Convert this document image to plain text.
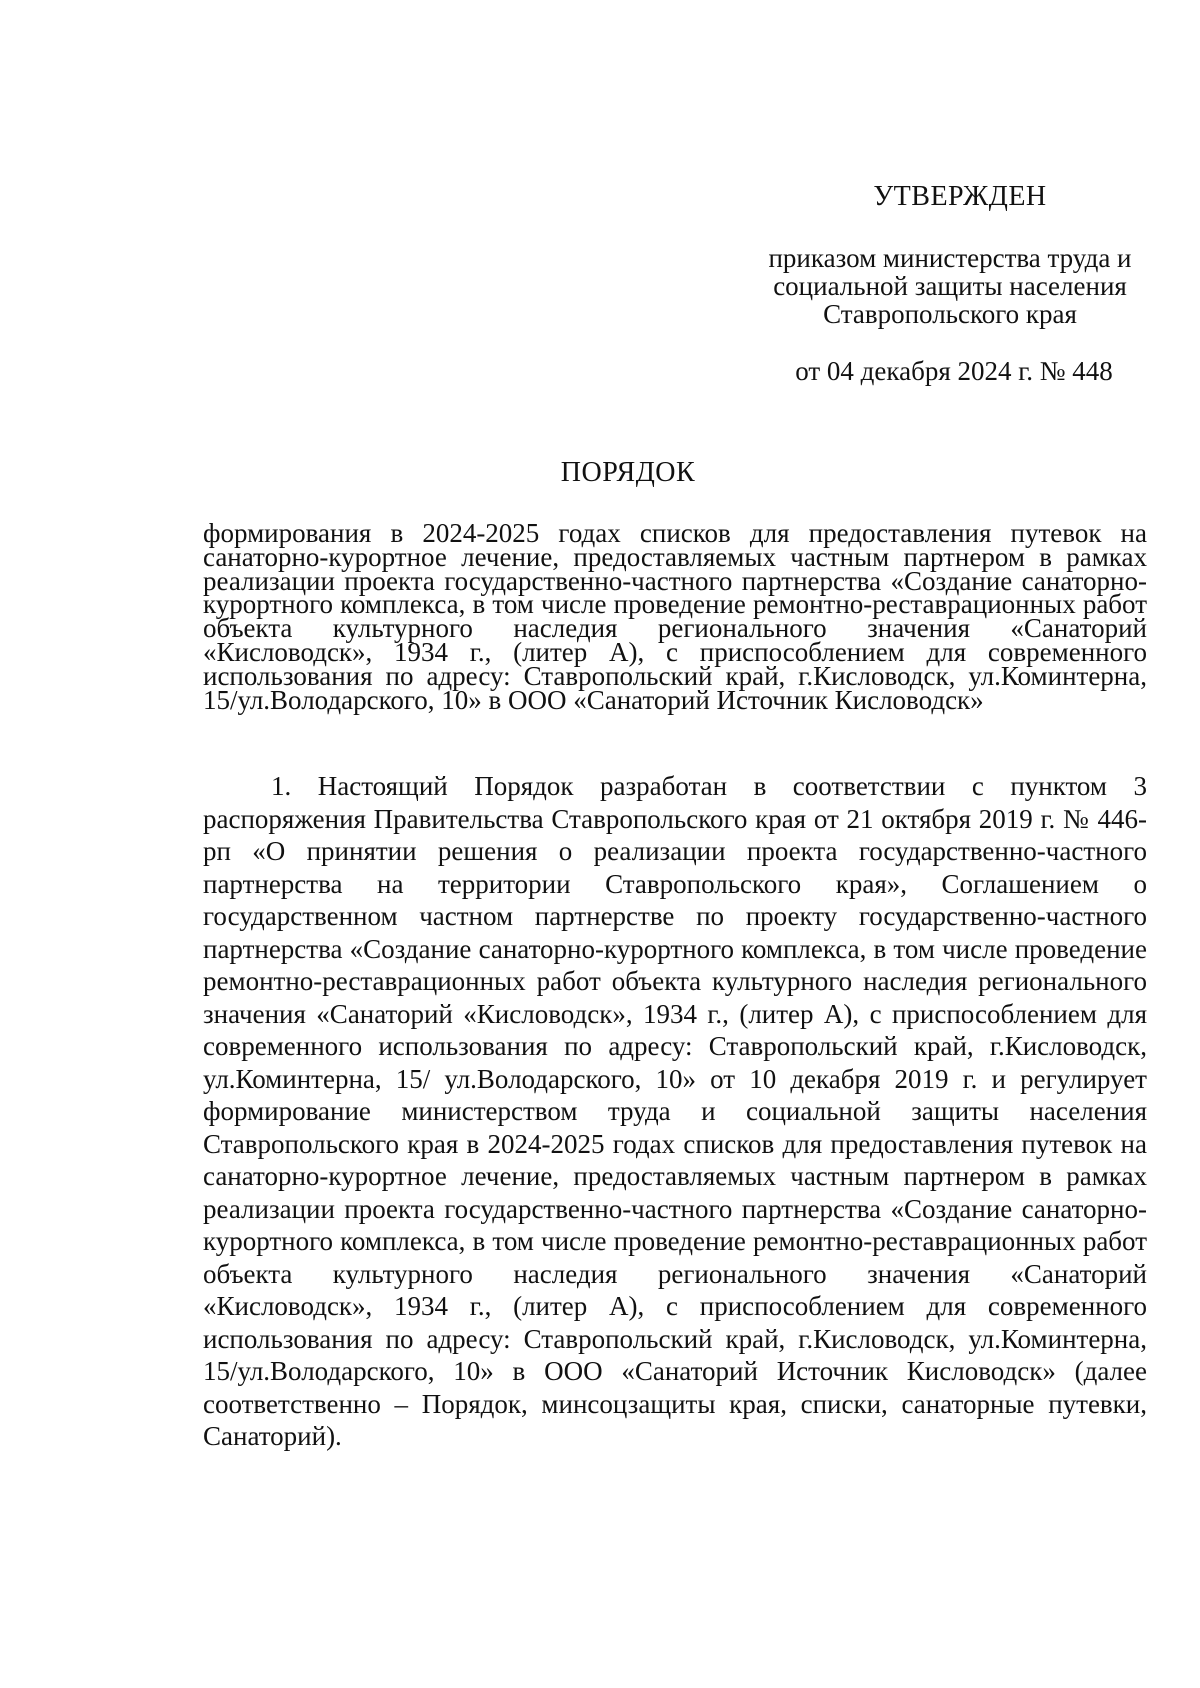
УТВЕРЖДЕН

приказом министерства труда и
социальной защиты населения
Ставропольского края

от 04 декабря 2024 г. № 448

ПОРЯДОК

формирования в 2024-2025 годах списков для предоставления путевок на санаторно-курортное лечение, предоставляемых частным партнером в рамках реализации проекта государственно-частного партнерства «Создание санаторно-курортного комплекса, в том числе проведение ремонтно-реставрационных работ объекта культурного наследия регионального значения «Санаторий «Кисловодск», 1934 г., (литер А), с приспособлением для современного использования по адресу: Ставропольский край, г.Кисловодск, ул.Коминтерна, 15/ул.Володарского, 10» в ООО «Санаторий Источник Кисловодск»

1. Настоящий Порядок разработан в соответствии с пунктом 3 распоряжения Правительства Ставропольского края от 21 октября 2019 г. № 446-рп «О принятии решения о реализации проекта государственно-частного партнерства на территории Ставропольского края», Соглашением о государственном частном партнерстве по проекту государственно-частного партнерства «Создание санаторно-курортного комплекса, в том числе проведение ремонтно-реставрационных работ объекта культурного наследия регионального значения «Санаторий «Кисловодск», 1934 г., (литер А), с приспособлением для современного использования по адресу: Ставропольский край, г.Кисловодск, ул.Коминтерна, 15/ ул.Володарского, 10» от 10 декабря 2019 г. и регулирует формирование министерством труда и социальной защиты населения Ставропольского края в 2024-2025 годах списков для предоставления путевок на санаторно-курортное лечение, предоставляемых частным партнером в рамках реализации проекта государственно-частного партнерства «Создание санаторно-курортного комплекса, в том числе проведение ремонтно-реставрационных работ объекта культурного наследия регионального значения «Санаторий «Кисловодск», 1934 г., (литер А), с приспособлением для современного использования по адресу: Ставропольский край, г.Кисловодск, ул.Коминтерна, 15/ул.Володарского, 10» в ООО «Санаторий Источник Кисловодск» (далее соответственно – Порядок, минсоцзащиты края, списки, санаторные путевки, Санаторий).
